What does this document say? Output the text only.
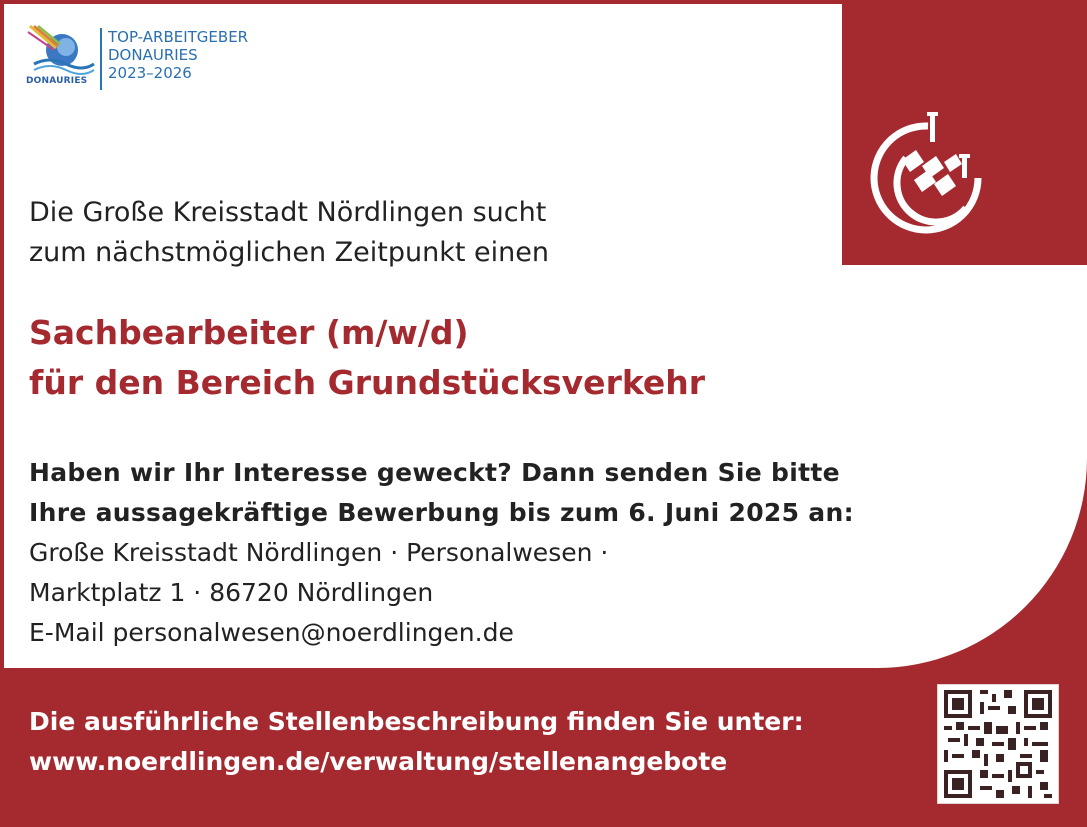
DONAURIES
TOP-ARBEITGEBER
DONAURIES
2023–2026
Die Große Kreisstadt Nördlingen sucht
zum nächstmöglichen Zeitpunkt einen
Sachbearbeiter (m/w/d)
für den Bereich Grundstücksverkehr
Haben wir Ihr Interesse geweckt? Dann senden Sie bitte
Ihre aussagekräftige Bewerbung bis zum 6. Juni 2025 an:
Große Kreisstadt Nördlingen · Personalwesen ·
Marktplatz 1 · 86720 Nördlingen
E-Mail personalwesen@noerdlingen.de
Die ausführliche Stellenbeschreibung finden Sie unter:
www.noerdlingen.de/verwaltung/stellenangebote
